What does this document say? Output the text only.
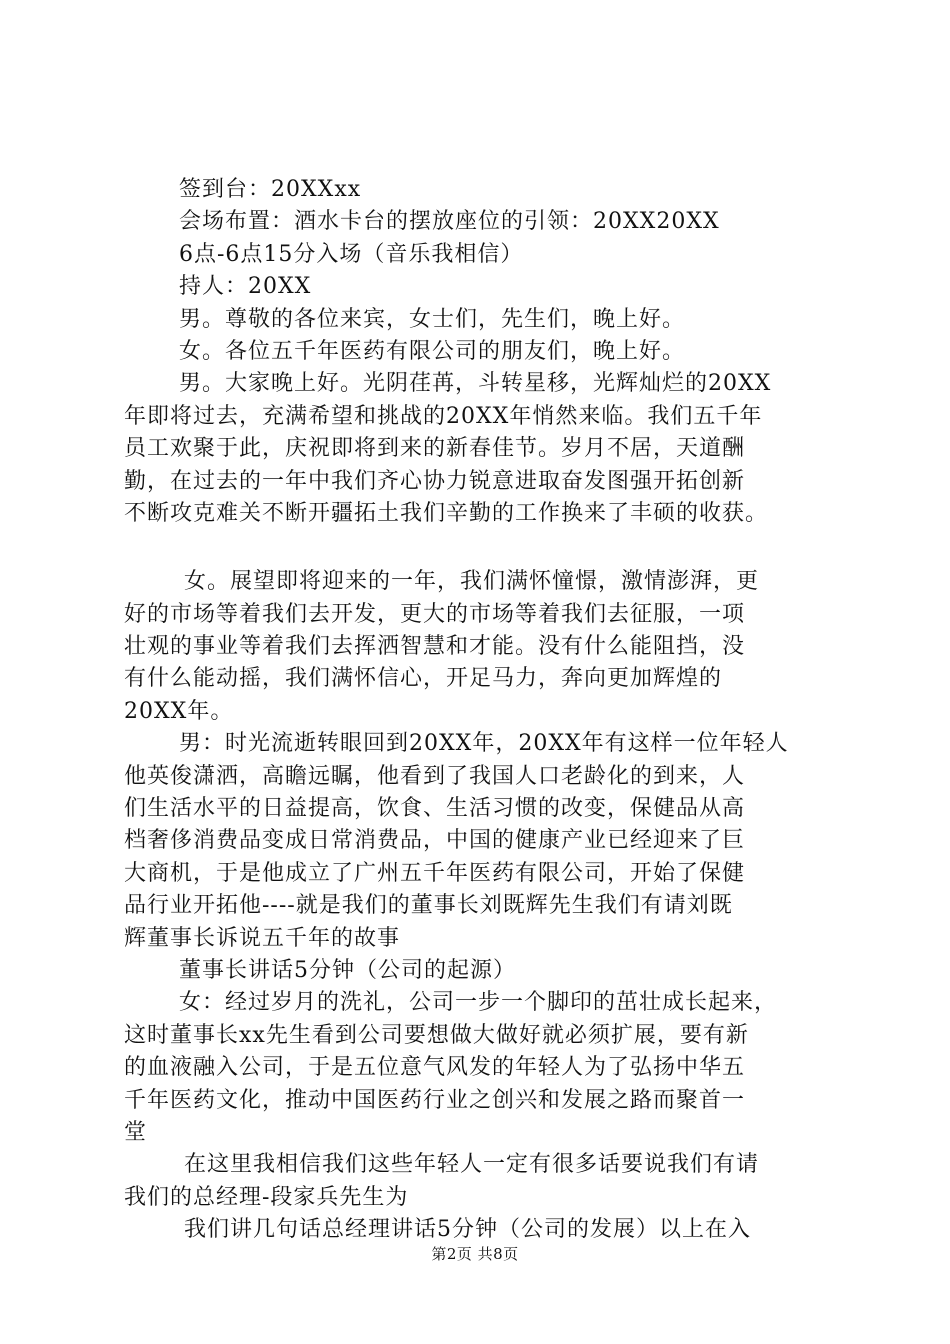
签到台：20XXxx
会场布置：酒水卡台的摆放座位的引领：20XX20XX
6点-6点15分入场（音乐我相信）
持人：20XX
男。尊敬的各位来宾，女士们，先生们，晚上好。
女。各位五千年医药有限公司的朋友们，晚上好。
男。大家晚上好。光阴荏苒，斗转星移，光辉灿烂的20XX
年即将过去，充满希望和挑战的20XX年悄然来临。我们五千年
员工欢聚于此，庆祝即将到来的新春佳节。岁月不居，天道酬
勤，在过去的一年中我们齐心协力锐意进取奋发图强开拓创新
不断攻克难关不断开疆拓土我们辛勤的工作换来了丰硕的收获。
女。展望即将迎来的一年，我们满怀憧憬，激情澎湃，更
好的市场等着我们去开发，更大的市场等着我们去征服，一项
壮观的事业等着我们去挥洒智慧和才能。没有什么能阻挡，没
有什么能动摇，我们满怀信心，开足马力，奔向更加辉煌的
20XX年。
男：时光流逝转眼回到20XX年，20XX年有这样一位年轻人
他英俊潇洒，高瞻远瞩，他看到了我国人口老龄化的到来，人
们生活水平的日益提高，饮食、生活习惯的改变，保健品从高
档奢侈消费品变成日常消费品，中国的健康产业已经迎来了巨
大商机，于是他成立了广州五千年医药有限公司，开始了保健
品行业开拓他----就是我们的董事长刘既辉先生我们有请刘既
辉董事长诉说五千年的故事
董事长讲话5分钟（公司的起源）
女：经过岁月的洗礼，公司一步一个脚印的茁壮成长起来，
这时董事长xx先生看到公司要想做大做好就必须扩展，要有新
的血液融入公司，于是五位意气风发的年轻人为了弘扬中华五
千年医药文化，推动中国医药行业之创兴和发展之路而聚首一
堂
在这里我相信我们这些年轻人一定有很多话要说我们有请
我们的总经理-段家兵先生为
我们讲几句话总经理讲话5分钟（公司的发展）以上在入
第2页 共8页
